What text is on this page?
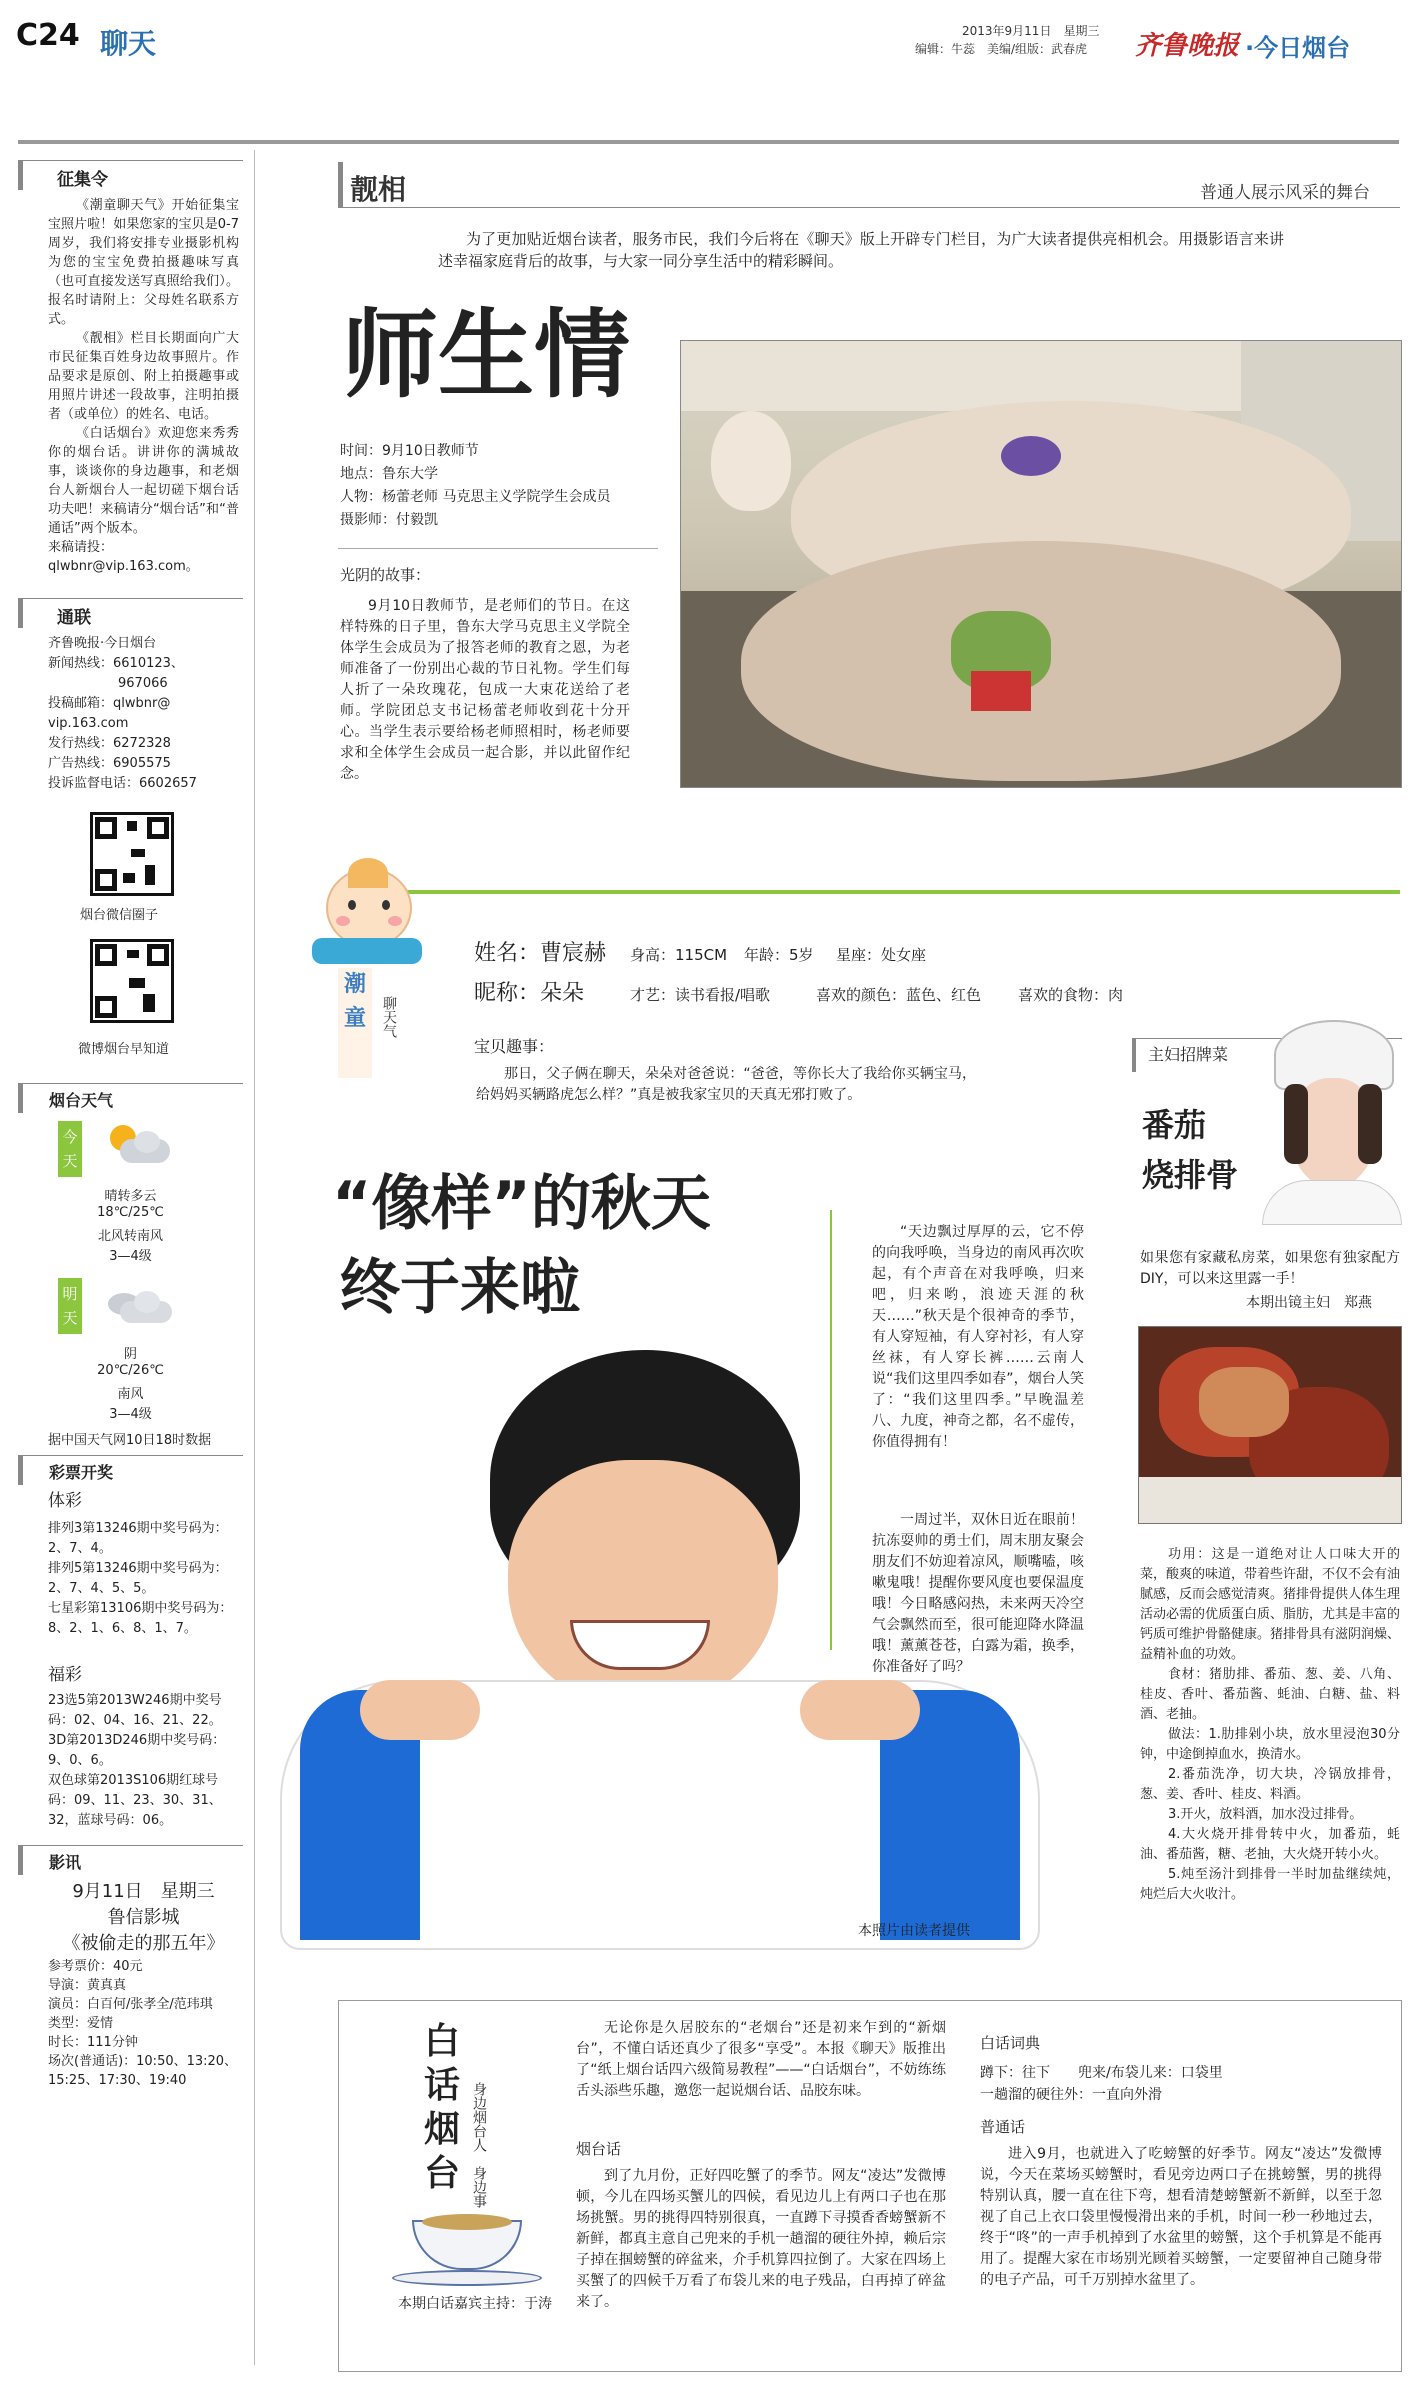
C24 聊天	2013年9月11日　星期三
编辑：牛蕊　美编/组版：武春虎 齐鲁晚报 ·今日烟台
征集令

《潮童聊天气》开始征集宝宝照片啦！如果您家的宝贝是0-7周岁，我们将安排专业摄影机构为您的宝宝免费拍摄趣味写真（也可直接发送写真照给我们）。报名时请附上：父母姓名联系方式。

《靓相》栏目长期面向广大市民征集百姓身边故事照片。作品要求是原创、附上拍摄趣事或用照片讲述一段故事，注明拍摄者（或单位）的姓名、电话。

《白话烟台》欢迎您来秀秀你的烟台话。讲讲你的满城故事，谈谈你的身边趣事，和老烟台人新烟台人一起切磋下烟台话功夫吧！来稿请分“烟台话”和“普通话”两个版本。

来稿请投：

qlwbnr@vip.163.com。

通联
齐鲁晚报·今日烟台
新闻热线：6610123、
967066
投稿邮箱：qlwbnr@
vip.163.com
发行热线：6272328
广告热线：6905575
投诉监督电话：6602657
烟台微信圈子
微博烟台早知道
烟台天气
今
天
晴转多云
18℃/25℃
北风转南风
3—4级
明
天
阴
20℃/26℃
南风
3—4级
据中国天气网10日18时数据
彩票开奖
体彩
排列3第13246期中奖号码为：2、7、4。
排列5第13246期中奖号码为：2、7、4、5、5。
七星彩第13106期中奖号码为：8、2、1、6、8、1、7。
福彩
23选5第2013W246期中奖号码：02、04、16、21、22。
3D第2013D246期中奖号码：9、0、6。
双色球第2013S106期红球号码：09、11、23、30、31、32，蓝球号码：06。
影讯
9月11日　星期三
鲁信影城
《被偷走的那五年》
参考票价：40元
导演：黄真真
演员：白百何/张孝全/范玮琪
类型：爱情
时长：111分钟
场次(普通话)：10:50、13:20、
15:25、17:30、19:40
靓相	普通人展示风采的舞台

为了更加贴近烟台读者，服务市民，我们今后将在《聊天》版上开辟专门栏目，为广大读者提供亮相机会。用摄影语言来讲述幸福家庭背后的故事，与大家一同分享生活中的精彩瞬间。

师生情
时间：9月10日教师节
地点：鲁东大学
人物：杨蕾老师 马克思主义学院学生会成员
摄影师：付毅凯
光阴的故事：

9月10日教师节，是老师们的节日。在这样特殊的日子里，鲁东大学马克思主义学院全体学生会成员为了报答老师的教育之恩，为老师准备了一份别出心裁的节日礼物。学生们每人折了一朵玫瑰花，包成一大束花送给了老师。学院团总支书记杨蕾老师收到花十分开心。当学生表示要给杨老师照相时，杨老师要求和全体学生会成员一起合影，并以此留作纪念。

潮
童	聊天气
姓名：曹宸赫 身高：115CM 年龄：5岁 星座：处女座
昵称：朵朵	才艺：读书看报/唱歌	喜欢的颜色：蓝色、红色 喜欢的食物：肉
宝贝趣事：

那日，父子俩在聊天，朵朵对爸爸说：“爸爸，等你长大了我给你买辆宝马，给妈妈买辆路虎怎么样？”真是被我家宝贝的天真无邪打败了。

“像样”的秋天
终于来啦
本照片由读者提供

“天边飘过厚厚的云，它不停的向我呼唤，当身边的南风再次吹起，有个声音在对我呼唤，归来吧，归来哟，浪迹天涯的秋天……”秋天是个很神奇的季节，有人穿短袖，有人穿衬衫，有人穿丝袜，有人穿长裤……云南人说“我们这里四季如春”，烟台人笑了：“我们这里四季。”早晚温差八、九度，神奇之都，名不虚传，你值得拥有！

一周过半，双休日近在眼前！抗冻耍帅的勇士们，周末朋友聚会朋友们不妨迎着凉风，顺嘴嗑，咳嗽鬼哦！提醒你要风度也要保温度哦！今日略感闷热，未来两天冷空气会飘然而至，很可能迎降水降温哦！薰薰苍苍，白露为霜，换季，你准备好了吗？

主妇招牌菜
番茄
烧排骨

如果您有家藏私房菜，如果您有独家配方DIY，可以来这里露一手！

本期出镜主妇　郑燕

功用：这是一道绝对让人口味大开的菜，酸爽的味道，带着些许甜，不仅不会有油腻感，反而会感觉清爽。猪排骨提供人体生理活动必需的优质蛋白质、脂肪，尤其是丰富的钙质可维护骨骼健康。猪排骨具有滋阴润燥、益精补血的功效。

食材：猪肋排、番茄、葱、姜、八角、桂皮、香叶、番茄酱、蚝油、白糖、盐、料酒、老抽。

做法：1.肋排剁小块，放水里浸泡30分钟，中途倒掉血水，换清水。

2.番茄洗净，切大块，冷锅放排骨，葱、姜、香叶、桂皮、料酒。

3.开火，放料酒，加水没过排骨。

4.大火烧开排骨转中火，加番茄，蚝油、番茄酱，糖、老抽，大火烧开转小火。

5.炖至汤汁到排骨一半时加盐继续炖，炖烂后大火收汁。

白
话
烟
台 身边烟台人　身边事
本期白话嘉宾主持：于涛

无论你是久居胶东的“老烟台”还是初来乍到的“新烟台”，不懂白话还真少了很多“享受”。本报《聊天》版推出了“纸上烟台话四六级简易教程”——“白话烟台”，不妨练练舌头添些乐趣，邀您一起说烟台话、品胶东味。

烟台话

到了九月份，正好四吃蟹了的季节。网友“凌达”发微博顿，今儿在四场买蟹儿的四候，看见边儿上有两口子也在那场挑蟹。男的挑得四特别很真，一直蹲下寻摸香香螃蟹新不新鲜，都真主意自己兜来的手机一趟溜的硬往外掉，赖后宗子掉在掴螃蟹的碎盆来，介手机算四拉倒了。大家在四场上买蟹了的四候千万看了布袋儿来的电子残品，白再掉了碎盆来了。

白话词典
蹲下：往下　　兜来/布袋儿来：口袋里
一趟溜的硬往外：一直向外滑
普通话

进入9月，也就进入了吃螃蟹的好季节。网友“凌达”发微博说，今天在菜场买螃蟹时，看见旁边两口子在挑螃蟹，男的挑得特别认真，腰一直在往下弯，想看清楚螃蟹新不新鲜，以至于忽视了自己上衣口袋里慢慢滑出来的手机，时间一秒一秒地过去，终于“咚”的一声手机掉到了水盆里的螃蟹，这个手机算是不能再用了。提醒大家在市场别光顾着买螃蟹，一定要留神自己随身带的电子产品，可千万别掉水盆里了。
